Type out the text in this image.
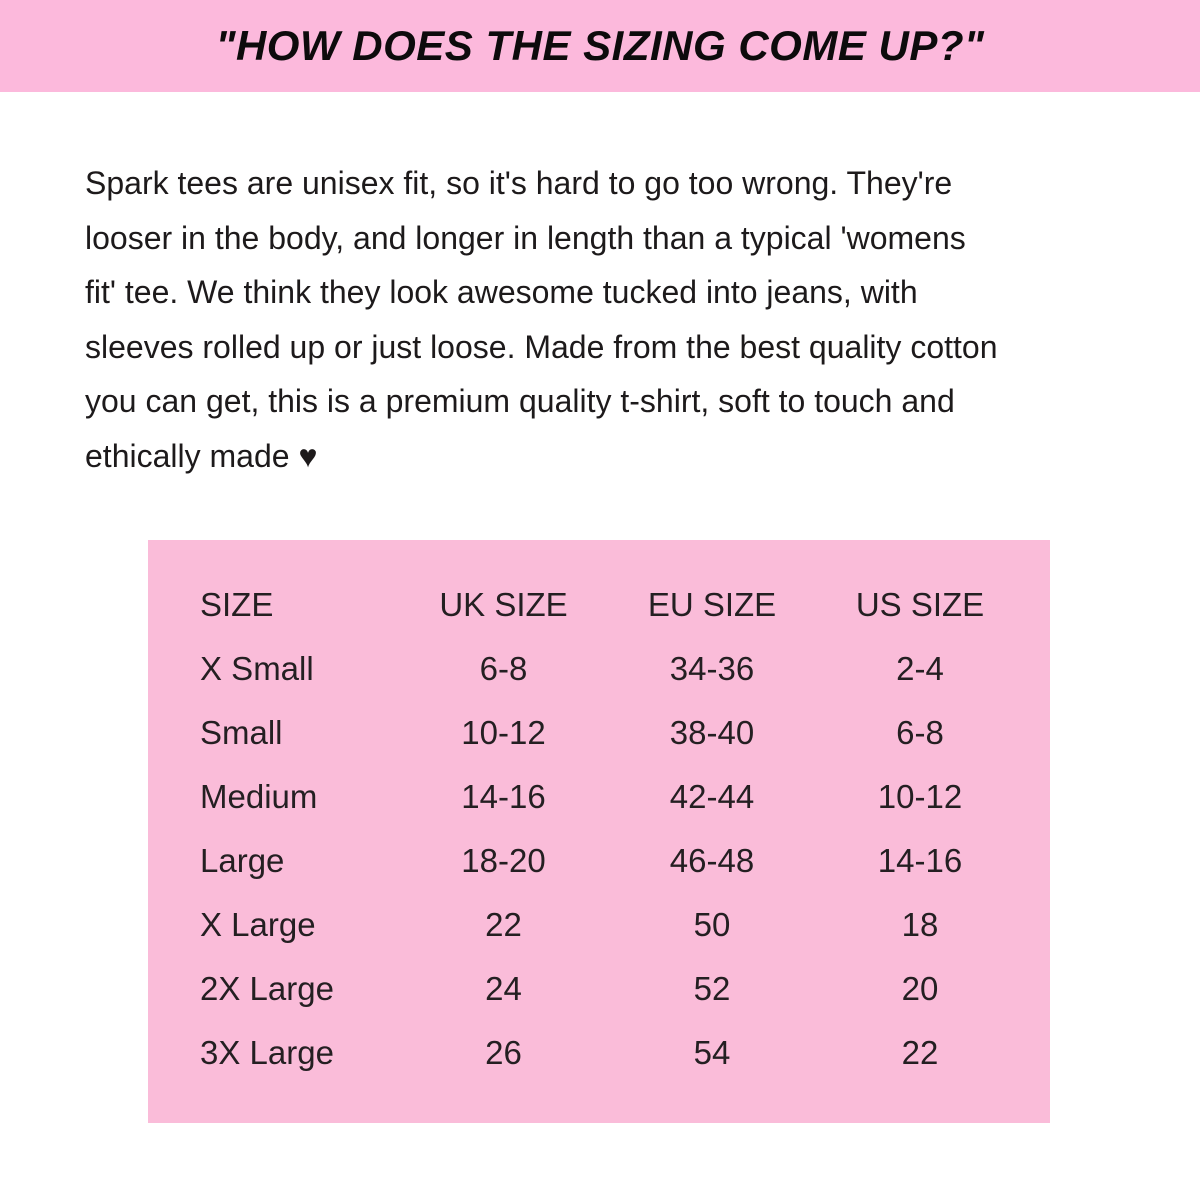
"HOW DOES THE SIZING COME UP?"
Spark tees are unisex fit, so it's hard to go too wrong. They're
looser in the body, and longer in length than a typical 'womens
fit' tee. We think they look awesome tucked into jeans, with
sleeves rolled up or just loose. Made from the best quality cotton
you can get, this is a premium quality t-shirt, soft to touch and
ethically made ♥
SIZE	UK SIZE	EU SIZE	US SIZE
X Small	6-8	34-36	2-4
Small	10-12	38-40	6-8
Medium	14-16	42-44	10-12
Large	18-20	46-48	14-16
X Large	22	50	18
2X Large	24	52	20
3X Large	26	54	22
